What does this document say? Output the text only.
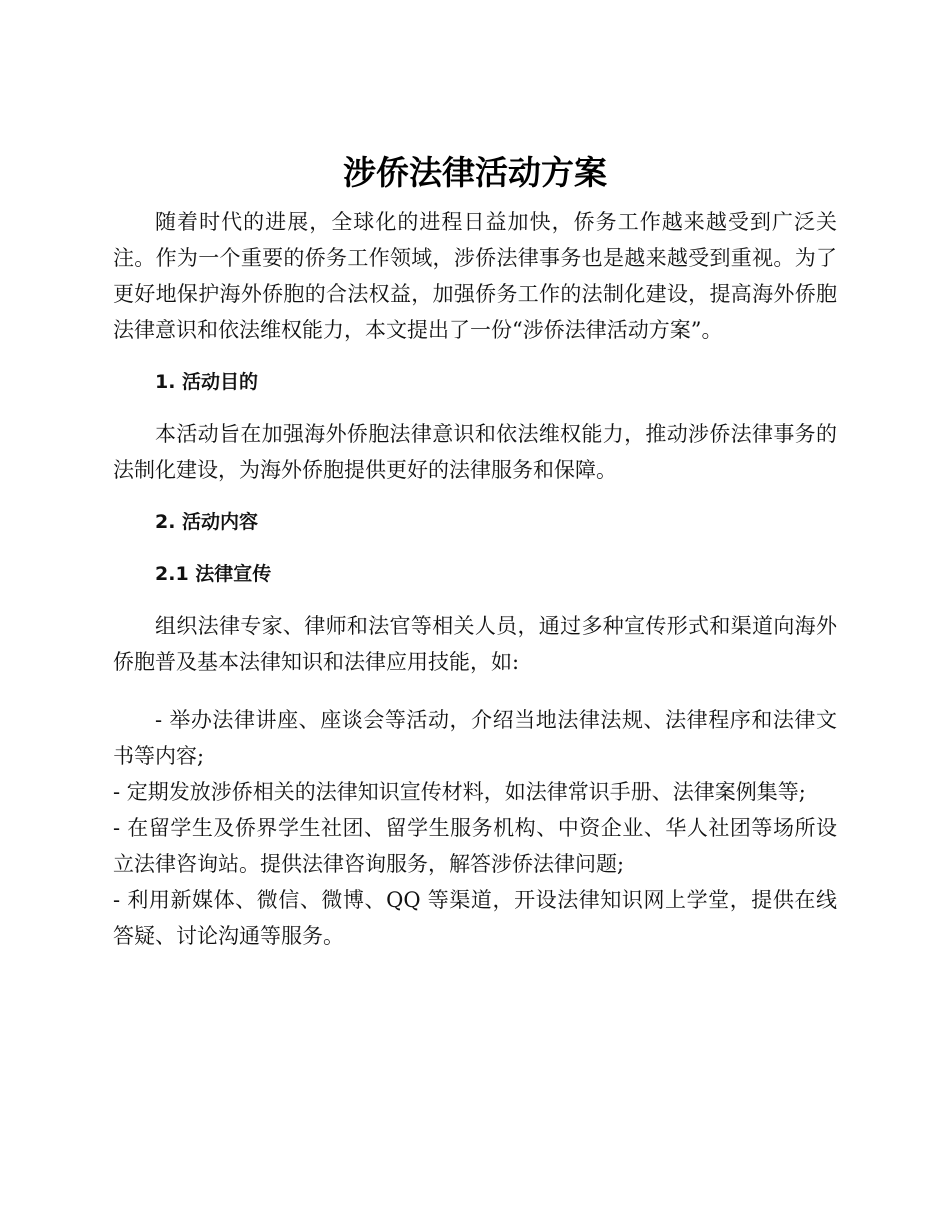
涉侨法律活动方案

随着时代的进展，全球化的进程日益加快，侨务工作越来越受到广泛关注。作为一个重要的侨务工作领域，涉侨法律事务也是越来越受到重视。为了更好地保护海外侨胞的合法权益，加强侨务工作的法制化建设，提高海外侨胞法律意识和依法维权能力，本文提出了一份“涉侨法律活动方案”。

1. 活动目的

本活动旨在加强海外侨胞法律意识和依法维权能力，推动涉侨法律事务的法制化建设，为海外侨胞提供更好的法律服务和保障。

2. 活动内容

2.1 法律宣传

组织法律专家、律师和法官等相关人员，通过多种宣传形式和渠道向海外侨胞普及基本法律知识和法律应用技能，如:

- 举办法律讲座、座谈会等活动，介绍当地法律法规、法律程序和法律文书等内容;

- 定期发放涉侨相关的法律知识宣传材料，如法律常识手册、法律案例集等;

- 在留学生及侨界学生社团、留学生服务机构、中资企业、华人社团等场所设立法律咨询站。提供法律咨询服务，解答涉侨法律问题;

- 利用新媒体、微信、微博、QQ 等渠道，开设法律知识网上学堂，提供在线答疑、讨论沟通等服务。
